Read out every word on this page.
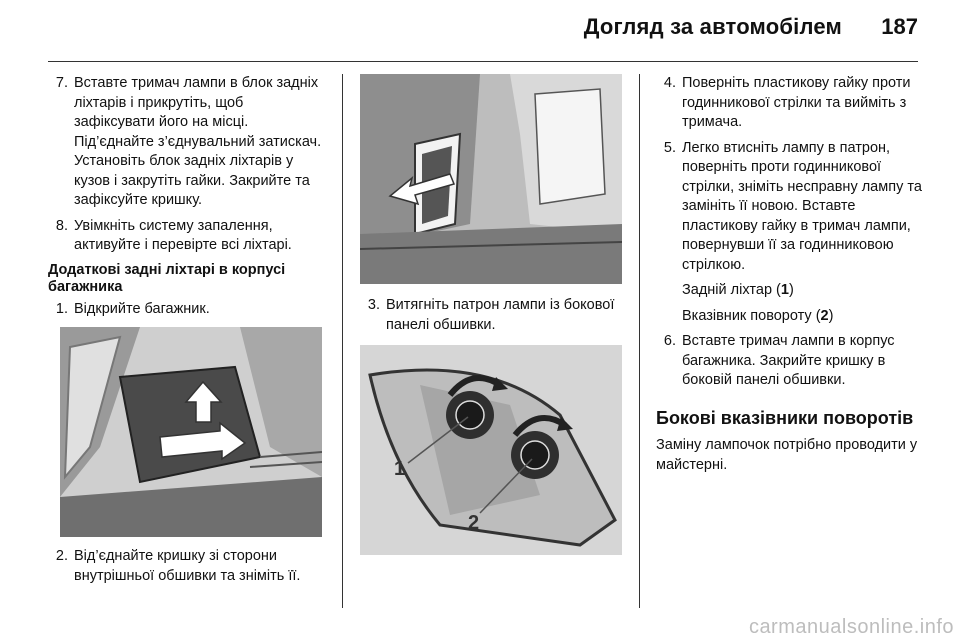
Догляд за автомобілем 187
7. Вставте тримач лампи в блок задніх ліхтарів і прикрутіть, щоб зафіксувати його на місці. Під’єднайте з’єднувальний затискач. Установіть блок задніх ліхтарів у кузов і закрутіть гайки. Закрийте та зафіксуйте кришку.
8. Увімкніть систему запалення, активуйте і перевірте всі ліхтарі.
Додаткові задні ліхтарі в корпусі багажника
1. Відкрийте багажник.
2. Від’єднайте кришку зі сторони внутрішньої обшивки та зніміть її.
3. Витягніть патрон лампи із бокової панелі обшивки.
1
2
4. Поверніть пластикову гайку проти годинникової стрілки та вийміть з тримача.
5. Легко втисніть лампу в патрон, поверніть проти годинникової стрілки, зніміть несправну лампу та замініть її новою. Вставте пластикову гайку в тримач лампи, повернувши її за годинниковою стрілкою.
Задній ліхтар (1)
Вказівник повороту (2)
6. Вставте тримач лампи в корпус багажника. Закрийте кришку в боковій панелі обшивки.
Бокові вказівники поворотів
Заміну лампочок потрібно проводити у майстерні.
carmanualsonline.info
